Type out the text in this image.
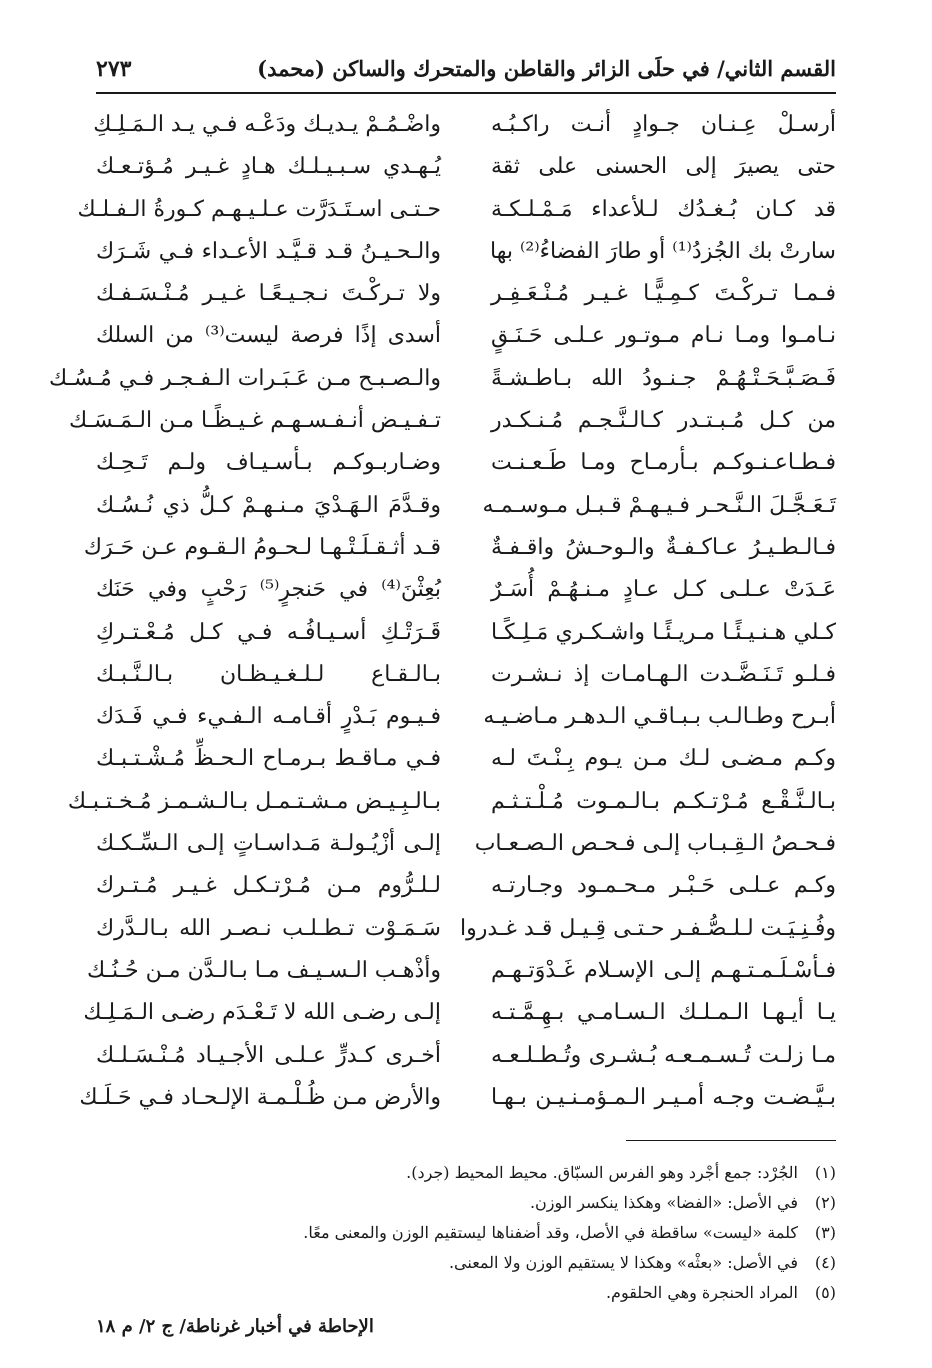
القسم الثاني/ في حلَى الزائر والقاطن والمتحرك والساكن (محمد)
٢٧٣
أرسـلْ عِـنـان جـوادٍ أنـت راكـبُـه
حتى يصيرَ إلى الحسنى على ثقة
قد كـان بُـغـدُك لـلأعداء مَـمْـلـكـة
سارتْ بك الجُزدُ⁽¹⁾ أو طارَ الفضاءُ⁽²⁾ بها
فـمـا تـركْـتَ كـمِـيًّـا غـيـر مُـنْـعَـفِـر
نـامـوا ومـا نـام مـوتـور عـلـى حَـنَـقٍ
فَـصَـبَّـحَـتْـهُـمْ جـنـودُ الله بـاطـشـةً
من كـل مُـبـتـدر كـالـنَّـجـم مُـنـكـدر
فـطـاعـنـوكـم بـأرمـاح ومـا طَـعـنـت
تَـعَـجَّـلَ الـنَّـحـر فـيـهـمْ قـبـل مـوسـمـه
فـالـطـيـرُ عـاكـفـةٌ والـوحـشُ واقـفـةٌ
عَـدَتْ عـلـى كـل عـادٍ مـنـهُـمْ أُسَـرٌ
كـلي هـنـيـئًـا مـريـئًـا واشـكـري مَـلِـكًـا
فـلـو تَـنَـضَّـدت الـهـامـات إذ نـشـرت
أبـرح وطـالـب بـبـاقـي الـدهـر مـاضـيـه
وكـم مـضـى لـك مـن يـوم بِـنْـتَ لـه
بـالـنَّـقْـع مُـرْتـكـم بـالـمـوت مُـلْـتـثـم
فـحـصُ الـقِـبـاب إلـى فـحـص الـصـعـاب
وكـم عـلـى حَـبْـر مـحـمـود وجـارتـه
وفُـنِـيَـت لـلـصُّـفـر حـتـى قِـيـل قـد غـدروا
فـأسْـلَـمـتـهـم إلـى الإسـلام غَـدْوَتـهـم
يـا أيـهـا الـمـلـك الـسـامـي بـهِـمَّـتـه
مـا زلـت تُـسـمـعـه بُـشـرى وتُـطـلـعـه
بـيَّـضـت وجـه أمـيـر الـمـؤمـنـيـن بـهـا
واضْـمُـمْ يـديـك ودَعْـه فـي يـد الـمَـلِـكِ
يُـهـدي سـبـيـلـك هـادٍ غـيـر مُـؤتـعـك
حـتـى اسـتَـدَرَّت عـلـيـهـم كـورةُ الـفـلـك
والـحـيـنُ قـد قـيَّـد الأعـداء فـي شَـرَك
ولا تـركْـتَ نـجـيـعًـا غـيـر مُـنْـسَـفـك
أسدى إذًا فرصة ليست⁽³⁾ من السلك
والـصـبـح مـن عَـبَـرات الـفـجـر فـي مُـسُـك
تـفـيـض أنـفـسـهـم غـيـظًـا مـن الـمَـسَـك
وضـاربـوكـم بـأسـيـاف ولـم تَـحِـك
وقـدَّمَ الـهَـدْيَ مـنـهـمْ كـلُّ ذي نُـسُـك
قـد أثـقـلَـتْـهـا لـحـومُ الـقـوم عـن حَـرَك
بُعِثْنَ⁽⁴⁾ في حَنجرٍ⁽⁵⁾ رَحْبٍ وفي حَنَك
قَـرَتْـكِ أسـيـافُـه فـي كـل مُـعْـتـركِ
بـالـقـاع لـلـغـيـظـان بـالـنَّـبـك
فـيـوم بَـدْرٍ أقـامـه الـفـيء فـي فَـدَك
فـي مـاقـط بـرمـاح الـحـظِّ مُـشْـتـبـك
بـالـبِـيـض مـشـتـمـل بـالـشـمـز مُـخـتـبـك
إلـى أزْيُـولـة مَـداسـاتٍ إلـى الـسِّـكـك
لـلـرُّوم مـن مُـرْتـكـل غـيـر مُـتـرك
سَـمَـوْت تـطـلـب نـصـر الله بـالـدَّرك
وأذْهـب الـسـيـف مـا بـالـدَّن مـن حُـنُـك
إلـى رضـى الله لا تَـعْـدَم رضـى الـمَـلِـك
أخـرى كـدرٍّ عـلـى الأجـيـاد مُـنْـسَـلـك
والأرض مـن ظُـلْـمـة الإلـحـاد فـي حَـلَـك
(١)الجُرْد: جمع أجْرد وهو الفرس السبّاق. محيط المحيط (جرد).
(٢)في الأصل: «الفضا» وهكذا ينكسر الوزن.
(٣)كلمة «ليست» ساقطة في الأصل، وقد أضفناها ليستقيم الوزن والمعنى معًا.
(٤)في الأصل: «بعثْه» وهكذا لا يستقيم الوزن ولا المعنى.
(٥)المراد الحنجرة وهي الحلقوم.
الإحاطة في أخبار غرناطة/ ج ٢/ م ١٨
